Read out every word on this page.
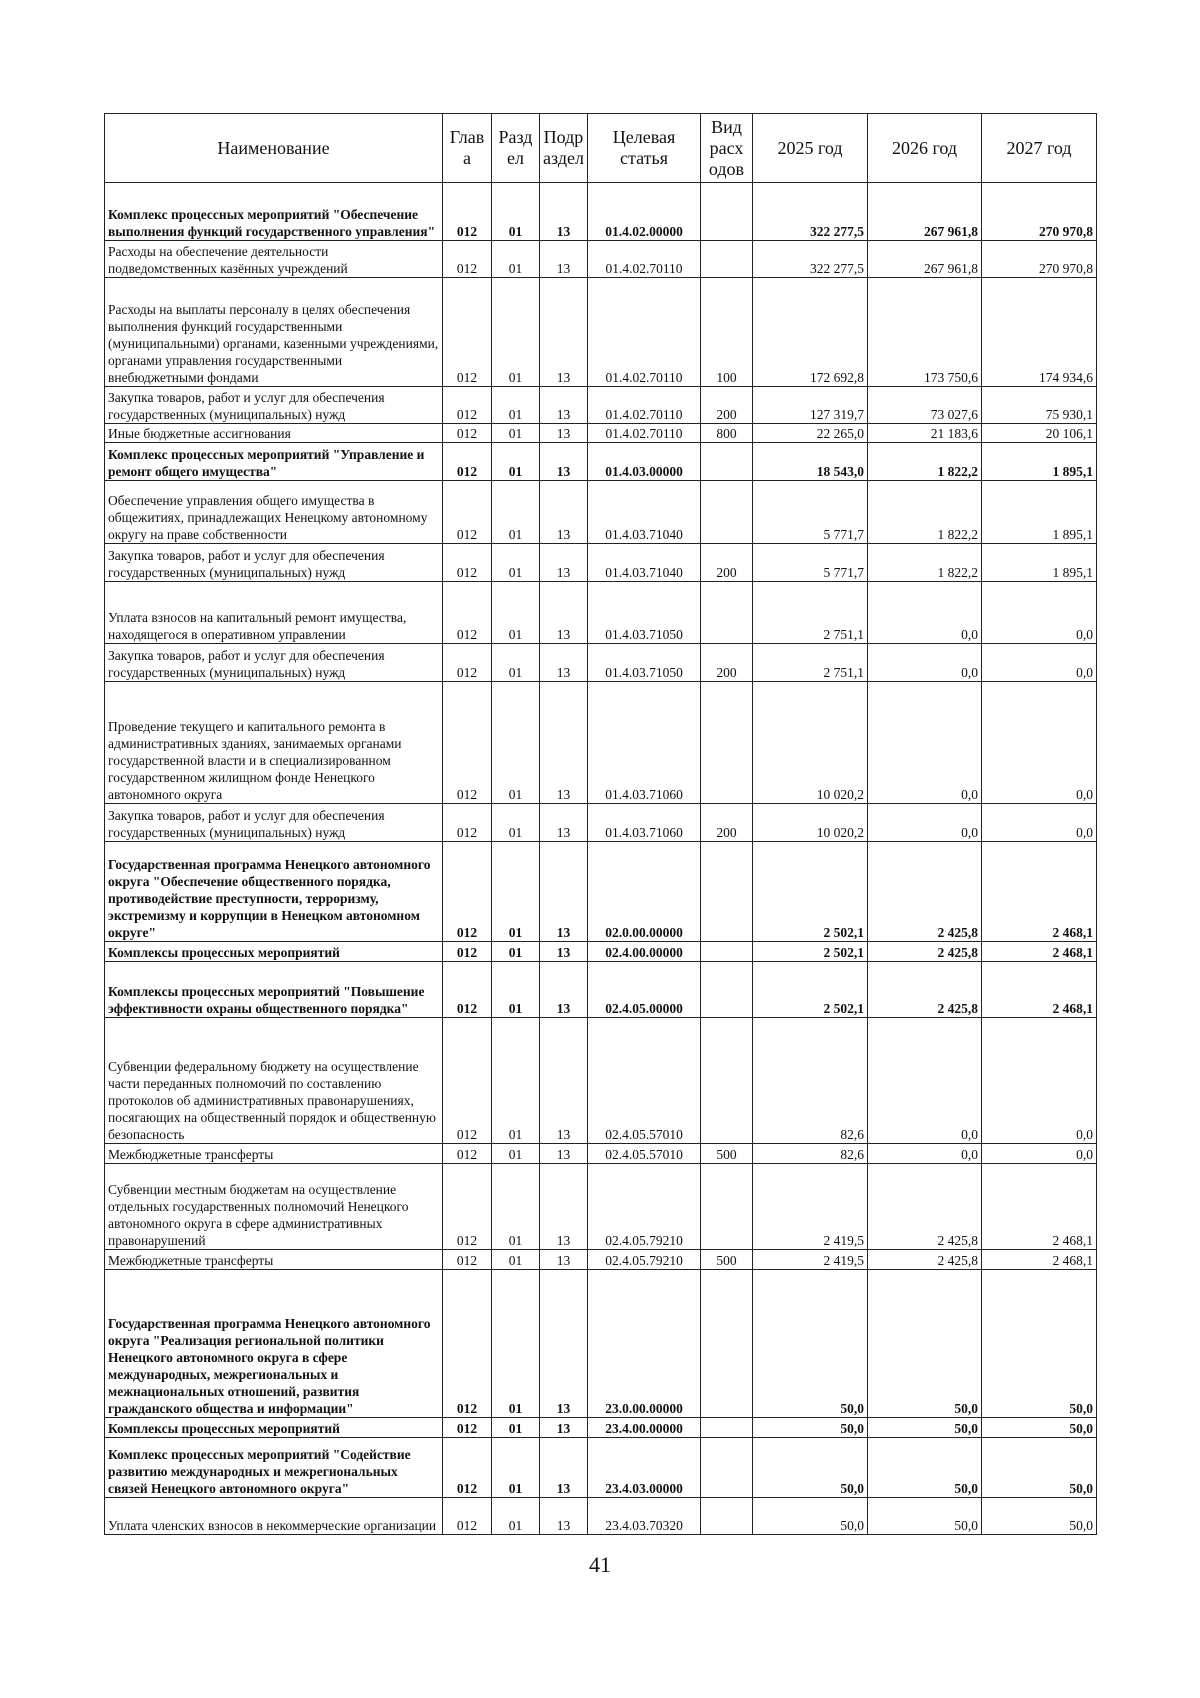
Наименование	Глав а	Разд ел	Подр аздел	Целевая статья	Вид расх одов	2025 год	2026 год	2027 год
Комплекс процессных мероприятий "Обеспечение выполнения функций государственного управления"	012	01	13	01.4.02.00000		322 277,5	267 961,8	270 970,8
Расходы на обеспечение деятельности подведомственных казённых учреждений	012	01	13	01.4.02.70110		322 277,5	267 961,8	270 970,8
Расходы на выплаты персоналу в целях обеспечения выполнения функций государственными (муниципальными) органами, казенными учреждениями, органами управления государственными внебюджетными фондами	012	01	13	01.4.02.70110	100	172 692,8	173 750,6	174 934,6
Закупка товаров, работ и услуг для обеспечения государственных (муниципальных) нужд	012	01	13	01.4.02.70110	200	127 319,7	73 027,6	75 930,1
Иные бюджетные ассигнования	012	01	13	01.4.02.70110	800	22 265,0	21 183,6	20 106,1
Комплекс процессных мероприятий "Управление и ремонт общего имущества"	012	01	13	01.4.03.00000		18 543,0	1 822,2	1 895,1
Обеспечение управления общего имущества в общежитиях, принадлежащих Ненецкому автономному округу на праве собственности	012	01	13	01.4.03.71040		5 771,7	1 822,2	1 895,1
Закупка товаров, работ и услуг для обеспечения государственных (муниципальных) нужд	012	01	13	01.4.03.71040	200	5 771,7	1 822,2	1 895,1
Уплата взносов на капитальный ремонт имущества, находящегося в оперативном управлении	012	01	13	01.4.03.71050		2 751,1	0,0	0,0
Закупка товаров, работ и услуг для обеспечения государственных (муниципальных) нужд	012	01	13	01.4.03.71050	200	2 751,1	0,0	0,0
Проведение текущего и капитального ремонта в административных зданиях, занимаемых органами государственной власти и в специализированном государственном жилищном фонде Ненецкого автономного округа	012	01	13	01.4.03.71060		10 020,2	0,0	0,0
Закупка товаров, работ и услуг для обеспечения государственных (муниципальных) нужд	012	01	13	01.4.03.71060	200	10 020,2	0,0	0,0
Государственная программа Ненецкого автономного округа "Обеспечение общественного порядка, противодействие преступности, терроризму, экстремизму и коррупции в Ненецком автономном округе"	012	01	13	02.0.00.00000		2 502,1	2 425,8	2 468,1
Комплексы процессных мероприятий	012	01	13	02.4.00.00000		2 502,1	2 425,8	2 468,1
Комплексы процессных мероприятий "Повышение эффективности охраны общественного порядка"	012	01	13	02.4.05.00000		2 502,1	2 425,8	2 468,1
Субвенции федеральному бюджету на осуществление части переданных полномочий по составлению протоколов об административных правонарушениях, посягающих на общественный порядок и общественную безопасность	012	01	13	02.4.05.57010		82,6	0,0	0,0
Межбюджетные трансферты	012	01	13	02.4.05.57010	500	82,6	0,0	0,0
Субвенции местным бюджетам на осуществление отдельных государственных полномочий Ненецкого автономного округа в сфере административных правонарушений	012	01	13	02.4.05.79210		2 419,5	2 425,8	2 468,1
Межбюджетные трансферты	012	01	13	02.4.05.79210	500	2 419,5	2 425,8	2 468,1
Государственная программа Ненецкого автономного округа "Реализация региональной политики Ненецкого автономного округа в сфере международных, межрегиональных и межнациональных отношений, развития гражданского общества и информации"	012	01	13	23.0.00.00000		50,0	50,0	50,0
Комплексы процессных мероприятий	012	01	13	23.4.00.00000		50,0	50,0	50,0
Комплекс процессных мероприятий "Содействие развитию международных и межрегиональных связей Ненецкого автономного округа"	012	01	13	23.4.03.00000		50,0	50,0	50,0
Уплата членских взносов в некоммерческие организации	012	01	13	23.4.03.70320		50,0	50,0	50,0
41
